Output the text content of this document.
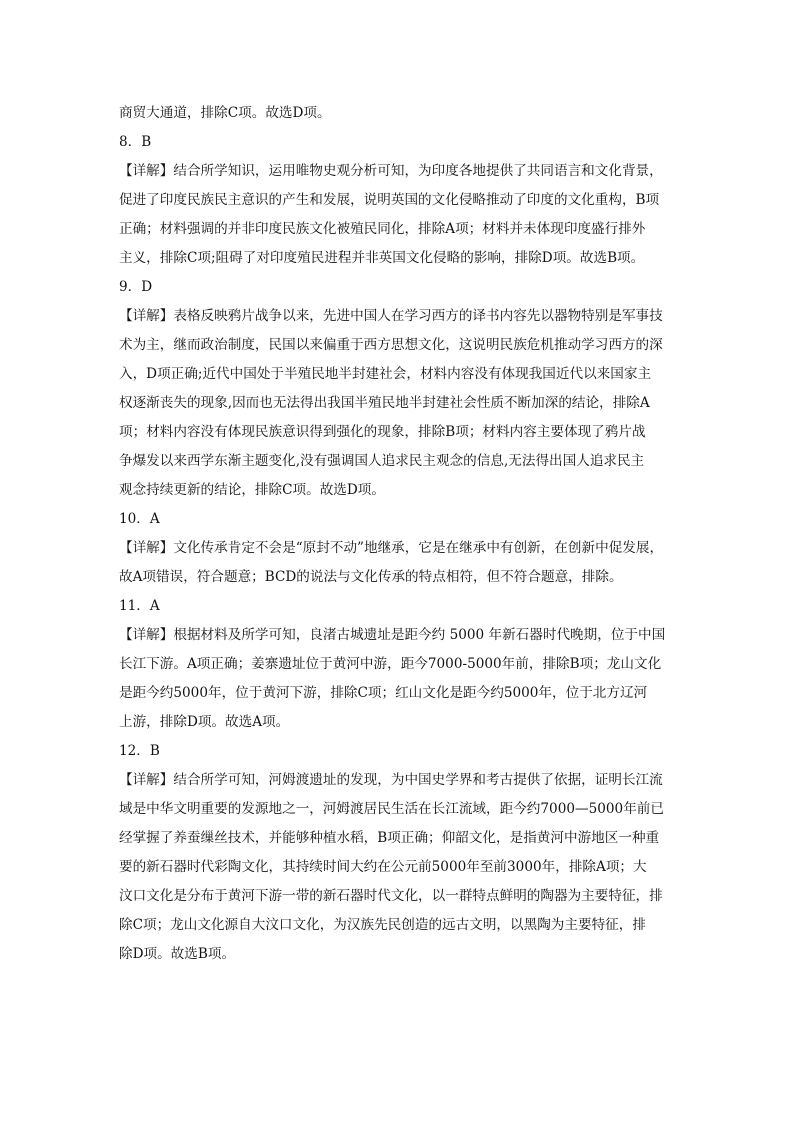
商贸大通道，排除C项。故选D项。
8．B
【详解】结合所学知识，运用唯物史观分析可知，为印度各地提供了共同语言和文化背景，
促进了印度民族民主意识的产生和发展，说明英国的文化侵略推动了印度的文化重构，B项
正确；材料强调的并非印度民族文化被殖民同化，排除A项；材料并未体现印度盛行排外
主义，排除C项;阻碍了对印度殖民进程并非英国文化侵略的影响，排除D项。故选B项。
9．D
【详解】表格反映鸦片战争以来，先进中国人在学习西方的译书内容先以器物特别是军事技
术为主，继而政治制度，民国以来偏重于西方思想文化，这说明民族危机推动学习西方的深
入，D项正确;近代中国处于半殖民地半封建社会，材料内容没有体现我国近代以来国家主
权逐渐丧失的现象,因而也无法得出我国半殖民地半封建社会性质不断加深的结论，排除A
项；材料内容没有体现民族意识得到强化的现象，排除B项；材料内容主要体现了鸦片战
争爆发以来西学东渐主题变化,没有强调国人追求民主观念的信息,无法得出国人追求民主
观念持续更新的结论，排除C项。故选D项。
10．A
【详解】文化传承肯定不会是“原封不动”地继承，它是在继承中有创新，在创新中促发展，
故A项错误，符合题意；BCD的说法与文化传承的特点相符，但不符合题意，排除。
11．A
【详解】根据材料及所学可知，良渚古城遗址是距今约 5000 年新石器时代晚期，位于中国
长江下游。A项正确；姜寨遗址位于黄河中游，距今7000-5000年前，排除B项；龙山文化
是距今约5000年，位于黄河下游，排除C项；红山文化是距今约5000年，位于北方辽河
上游，排除D项。故选A项。
12．B
【详解】结合所学可知，河姆渡遗址的发现，为中国史学界和考古提供了依据，证明长江流
域是中华文明重要的发源地之一，河姆渡居民生活在长江流域，距今约7000—5000年前已
经掌握了养蚕缫丝技术，并能够种植水稻，B项正确；仰韶文化，是指黄河中游地区一种重
要的新石器时代彩陶文化，其持续时间大约在公元前5000年至前3000年，排除A项；大
汶口文化是分布于黄河下游一带的新石器时代文化，以一群特点鲜明的陶器为主要特征，排
除C项；龙山文化源自大汶口文化，为汉族先民创造的远古文明，以黑陶为主要特征，排
除D项。故选B项。
